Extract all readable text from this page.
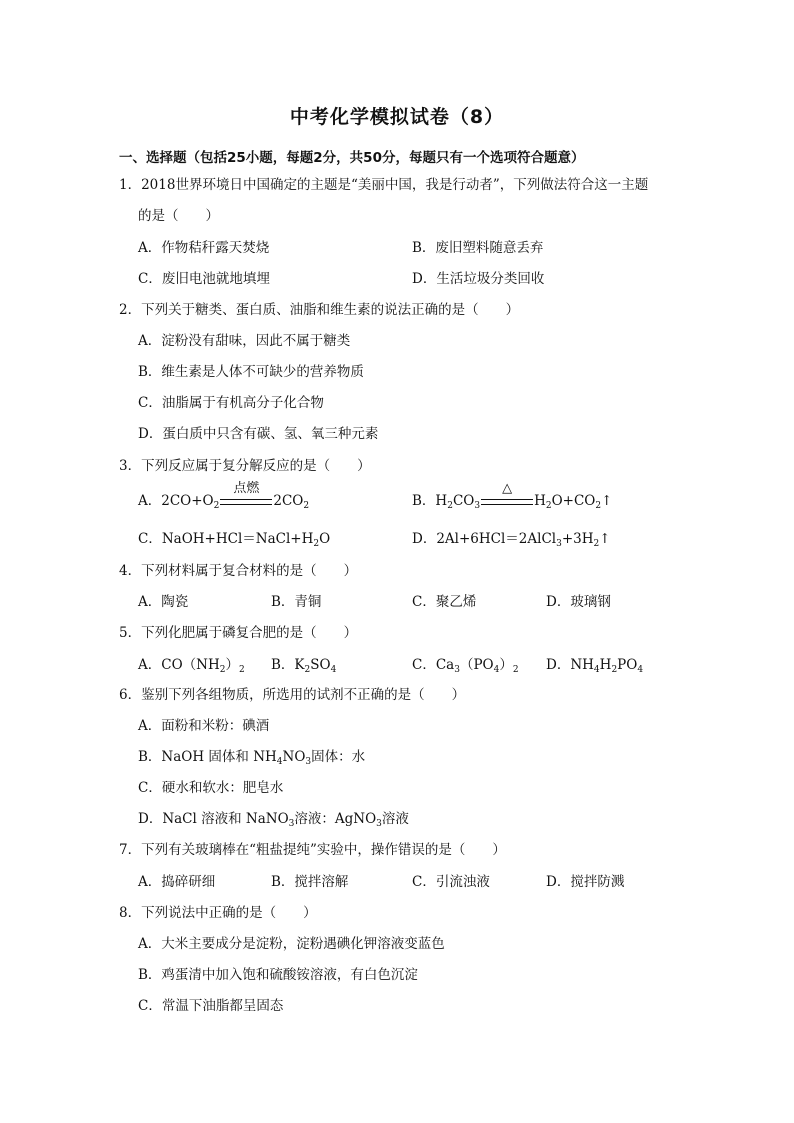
中考化学模拟试卷（8）
一、选择题（包括25小题，每题2分，共50分，每题只有一个选项符合题意）
1．2018世界环境日中国确定的主题是“美丽中国，我是行动者”，下列做法符合这一主题
的是（　　）
A．作物秸秆露天焚烧	B．废旧塑料随意丢弃
C．废旧电池就地填埋	D．生活垃圾分类回收
2．下列关于糖类、蛋白质、油脂和维生素的说法正确的是（　　）
A．淀粉没有甜味，因此不属于糖类
B．维生素是人体不可缺少的营养物质
C．油脂属于有机高分子化合物
D．蛋白质中只含有碳、氢、氧三种元素
3．下列反应属于复分解反应的是（　　）
A．$2CO+O_2$
点燃
$2CO_2$	B．$H_2CO_3$
△
$H_2O+CO_2↑$
C．$NaOH+HCl=NaCl+H_2O$	D．$2Al+6HCl=2AlCl_3+3H_2↑$
4．下列材料属于复合材料的是（　　）
A．陶瓷	B．青铜	C．聚乙烯	D．玻璃钢
5．下列化肥属于磷复合肥的是（　　）
A．$CO(NH_2)_2$ B．$K_2SO_4$	C．$Ca_3(PO_4)_2$ D．$NH_4H_2PO_4$
6．鉴别下列各组物质，所选用的试剂不正确的是（　　）
A．面粉和米粉：碘酒
B．NaOH 固体和 $NH_4NO_3$固体：水
C．硬水和软水：肥皂水
D．NaCl 溶液和 NaNO$_3$溶液：AgNO$_3$溶液
7．下列有关玻璃棒在“粗盐提纯”实验中，操作错误的是（　　）
A．捣碎研细	B．搅拌溶解	C．引流浊液	D．搅拌防溅
8．下列说法中正确的是（　　）
A．大米主要成分是淀粉，淀粉遇碘化钾溶液变蓝色
B．鸡蛋清中加入饱和硫酸铵溶液，有白色沉淀
C．常温下油脂都呈固态
